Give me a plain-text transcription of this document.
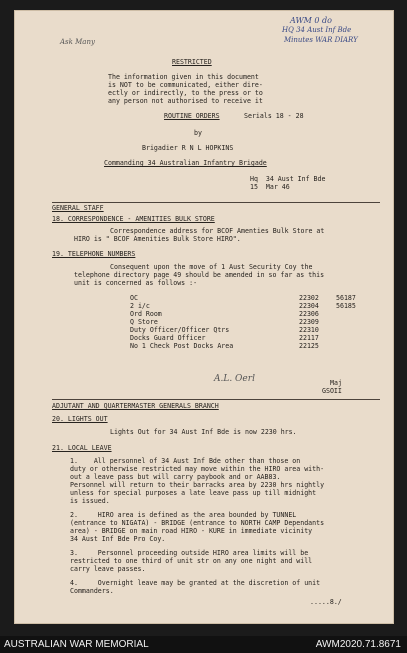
AWM 0 do
HQ 34 Aust Inf Bde
Minutes WAR DIARY
Ask Many
RESTRICTED
The information given in this document
is NOT to be communicated, either dire-
ectly or indirectly, to the press or to
any person not authorised to receive it
ROUTINE ORDERS	Serials 18 - 28
by
Brigadier R N L HOPKINS
Commanding 34 Australian Infantry Brigade
Hq  34 Aust Inf Bde
15  Mar 46
GENERAL STAFF
18. CORRESPONDENCE - AMENITIES BULK STORE
Correspondence address for BCOF Amenties Bulk Store at
HIRO is " BCOF Amenities Bulk Store HIRO".
19. TELEPHONE NUMBERS
Consequent upon the move of 1 Aust Security Coy the
telephone directory page 49 should be amended in so far as this
unit is concerned as follows :-
OC	22302	56187
2 i/c	22304	56185
Ord Room	22306
Q Store	22309
Duty Officer/Officer Qtrs	22310
Docks Guard Officer	22117
No 1 Check Post Docks Area	22125
A.L. Oerl	Maj
GSOII
ADJUTANT AND QUARTERMASTER GENERALS BRANCH
20. LIGHTS OUT
Lights Out for 34 Aust Inf Bde is now 2230 hrs.
21. LOCAL LEAVE
1.    All personnel of 34 Aust Inf Bde other than those on
duty or otherwise restricted may move within the HIRO area with-
out a leave pass but will carry paybook and or AAB83.
Personnel will return to their barracks area by 2230 hrs nightly
unless for special purposes a late leave pass up till midnight
is issued.
2.     HIRO area is defined as the area bounded by TUNNEL
(entrance to NIGATA) - BRIDGE (entrance to NORTH CAMP Dependants
area) - BRIDGE on main road HIRO - KURE in immediate vicinity
34 Aust Inf Bde Pro Coy.
3.     Personnel proceeding outside HIRO area limits will be
restricted to one third of unit str on any one night and will
carry leave passes.
4.     Overnight leave may be granted at the discretion of unit
Commanders.
.....8./
AUSTRALIAN WAR MEMORIAL	AWM2020.71.8671
